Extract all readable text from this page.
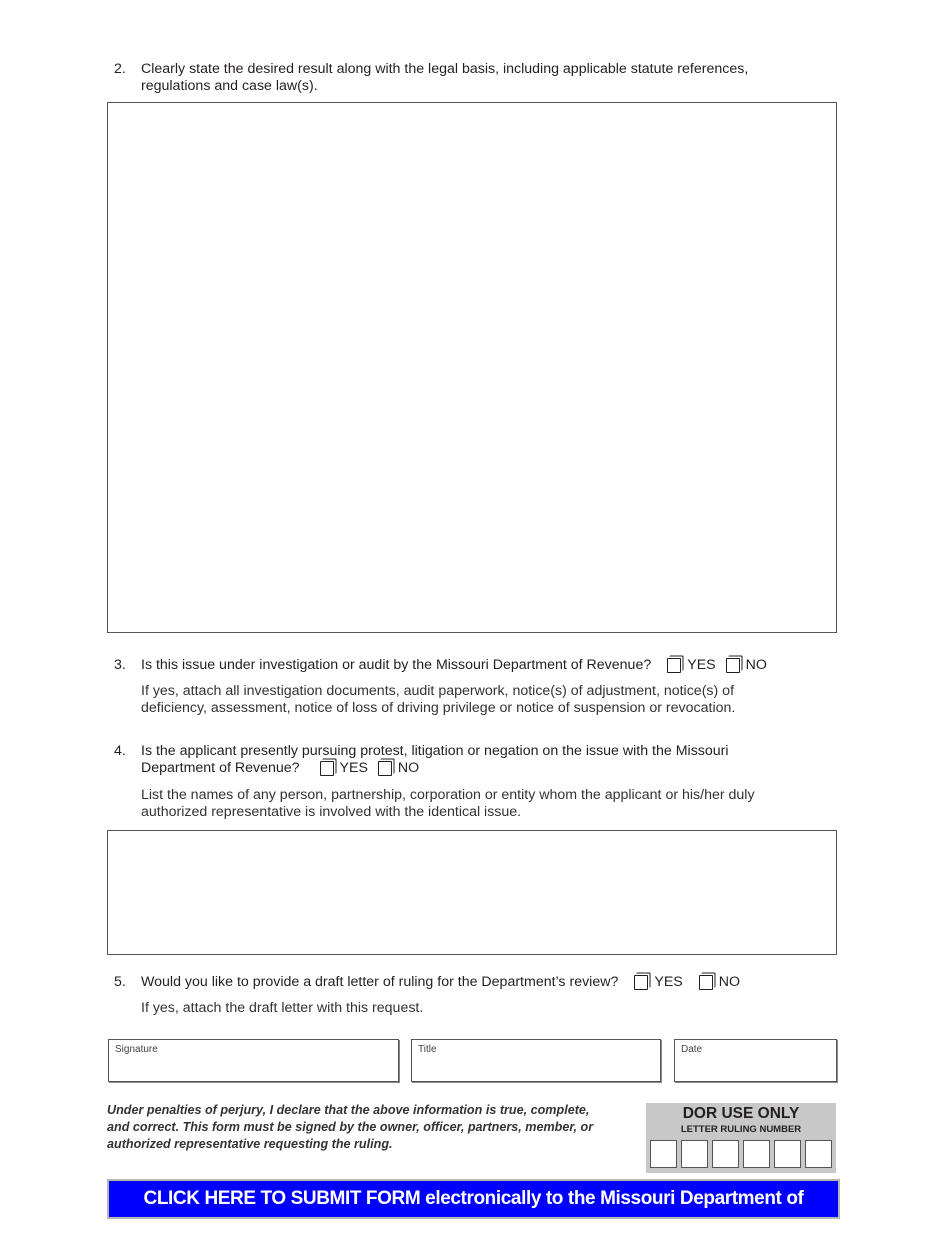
2. Clearly state the desired result along with the legal basis, including applicable statute references,
regulations and case law(s).
3. Is this issue under investigation or audit by the Missouri Department of Revenue?	YES NO
If yes, attach all investigation documents, audit paperwork, notice(s) of adjustment, notice(s) of
deficiency, assessment, notice of loss of driving privilege or notice of suspension or revocation.
4. Is the applicant presently pursuing protest, litigation or negation on the issue with the Missouri
Department of Revenue?	YES NO
List the names of any person, partnership, corporation or entity whom the applicant or his/her duly
authorized representative is involved with the identical issue.
5. Would you like to provide a draft letter of ruling for the Department’s review?	YES	NO
If yes, attach the draft letter with this request.
Signature	Title	Date
Under penalties of perjury, I declare that the above information is true, complete,
and correct. This form must be signed by the owner, officer, partners, member, or
authorized representative requesting the ruling.
DOR USE ONLY
LETTER RULING NUMBER
CLICK HERE TO SUBMIT FORM electronically to the Missouri Department of Revenue.
